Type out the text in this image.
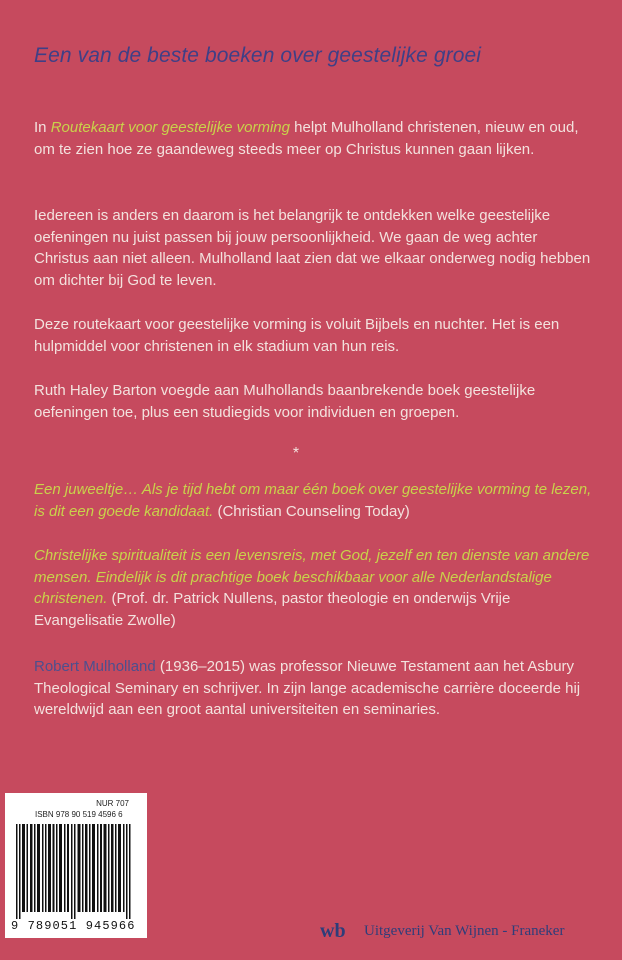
Een van de beste boeken over geestelijke groei

In Routekaart voor geestelijke vorming helpt Mulholland christenen, nieuw en oud, om te zien hoe ze gaandeweg steeds meer op Christus kunnen gaan lijken.

Iedereen is anders en daarom is het belangrijk te ontdekken welke geestelijke oefeningen nu juist passen bij jouw persoonlijkheid. We gaan de weg achter Christus aan niet alleen. Mulholland laat zien dat we elkaar onderweg nodig hebben om dichter bij God te leven.

Deze routekaart voor geestelijke vorming is voluit Bijbels en nuchter. Het is een hulpmiddel voor christenen in elk stadium van hun reis.

Ruth Haley Barton voegde aan Mulhollands baanbrekende boek geestelijke oefeningen toe, plus een studiegids voor individuen en groepen.

*

Een juweeltje… Als je tijd hebt om maar één boek over geestelijke vorming te lezen, is dit een goede kandidaat. (Christian Counseling Today)

Christelijke spiritualiteit is een levensreis, met God, jezelf en ten dienste van andere mensen. Eindelijk is dit prachtige boek beschikbaar voor alle Nederlandstalige christenen. (Prof. dr. Patrick Nullens, pastor theologie en onderwijs Vrije Evangelisatie Zwolle)

Robert Mulholland (1936–2015) was professor Nieuwe Testament aan het Asbury Theological Seminary en schrijver. In zijn lange academische carrière doceerde hij wereldwijd aan een groot aantal universiteiten en seminaries.

NUR 707
ISBN 978 90 519 4596 6
9 789051 945966	wb Uitgeverij Van Wijnen - Franeker
